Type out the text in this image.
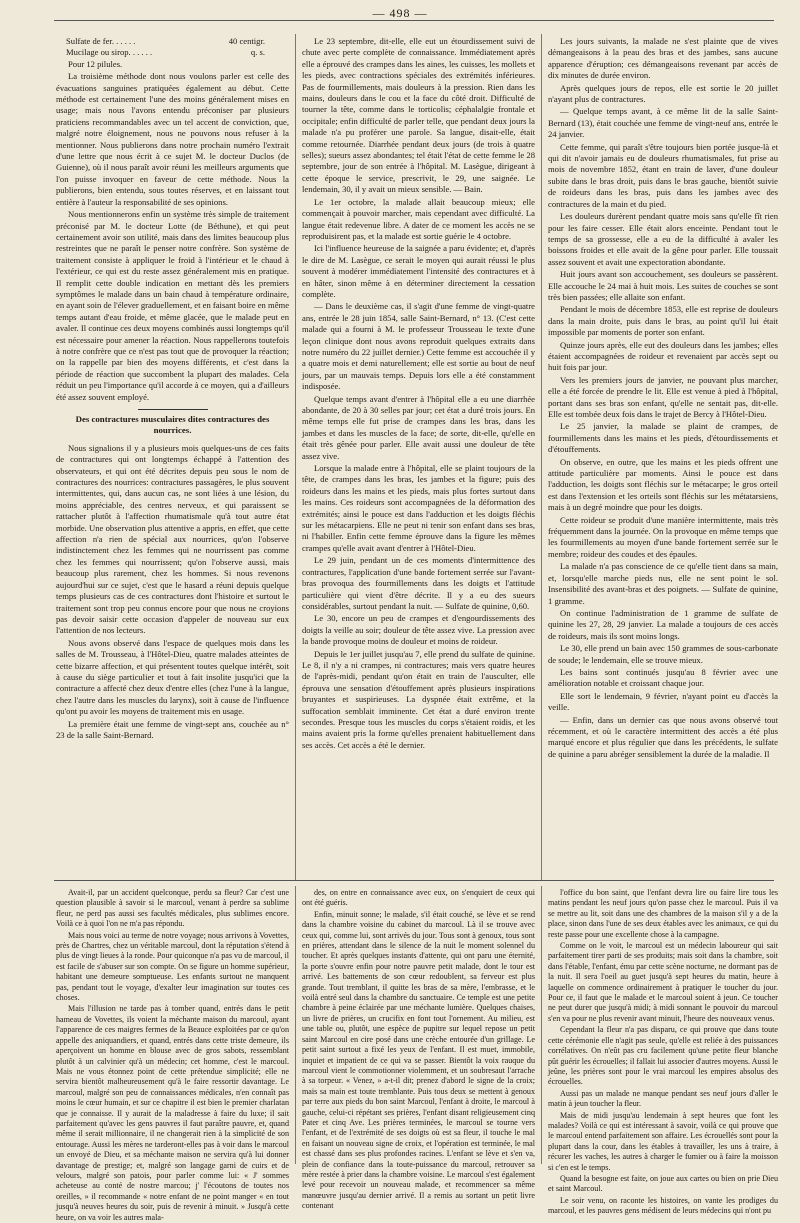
— 498 —
Sulfate de fer. . . . . .	40 centigr.
Mucilage ou sirop. . . . . .	q. s.

Pour 12 pilules.

La troisième méthode dont nous voulons parler est celle des évacuations sanguines pratiquées également au début. Cette méthode est certainement l'une des moins généralement mises en usage; mais nous l'avons entendu préconiser par plusieurs praticiens recommandables avec un tel accent de conviction, que, malgré notre éloignement, nous ne pouvons nous refuser à la mentionner. Nous publierons dans notre prochain numéro l'extrait d'une lettre que nous écrit à ce sujet M. le docteur Duclos (de Guienne), où il nous paraît avoir réuni les meilleurs arguments que l'on puisse invoquer en faveur de cette méthode. Nous la publierons, bien entendu, sous toutes réserves, et en laissant tout entière à l'auteur la responsabilité de ses opinions.

Nous mentionnerons enfin un système très simple de traitement préconisé par M. le docteur Lotte (de Béthune), et qui peut certainement avoir son utilité, mais dans des limites beaucoup plus restreintes que ne paraît le penser notre confrère. Son système de traitement consiste à appliquer le froid à l'intérieur et le chaud à l'extérieur, ce qui est du reste assez généralement mis en pratique. Il remplit cette double indication en mettant dès les premiers symptômes le malade dans un bain chaud à température ordinaire, en ayant soin de l'élever graduellement, et en faisant boire en même temps autant d'eau froide, et même glacée, que le malade peut en avaler. Il continue ces deux moyens combinés aussi longtemps qu'il est nécessaire pour amener la réaction. Nous rappellerons toutefois à notre confrère que ce n'est pas tout que de provoquer la réaction; on la rappelle par bien des moyens différents, et c'est dans la période de réaction que succombent la plupart des malades. Cela réduit un peu l'importance qu'il accorde à ce moyen, qui a d'ailleurs été assez souvent employé.

Des contractures musculaires dites contractures des nourrices.

Nous signalions il y a plusieurs mois quelques-uns de ces faits de contractures qui ont longtemps échappé à l'attention des observateurs, et qui ont été décrites depuis peu sous le nom de contractures des nourrices: contractures passagères, le plus souvent intermittentes, qui, dans aucun cas, ne sont liées à une lésion, du moins appréciable, des centres nerveux, et qui paraissent se rattacher plutôt à l'affection rhumatismale qu'à tout autre état morbide. Une observation plus attentive a appris, en effet, que cette affection n'a rien de spécial aux nourrices, qu'on l'observe indistinctement chez les femmes qui ne nourrissent pas comme chez les femmes qui nourrissent; qu'on l'observe aussi, mais beaucoup plus rarement, chez les hommes. Si nous revenons aujourd'hui sur ce sujet, c'est que le hasard a réuni depuis quelque temps plusieurs cas de ces contractures dont l'histoire et surtout le traitement sont trop peu connus encore pour que nous ne croyions pas devoir saisir cette occasion d'appeler de nouveau sur eux l'attention de nos lecteurs.

Nous avons observé dans l'espace de quelques mois dans les salles de M. Trousseau, à l'Hôtel-Dieu, quatre malades atteintes de cette bizarre affection, et qui présentent toutes quelque intérêt, soit à cause du siège particulier et tout à fait insolite jusqu'ici que la contracture a affecté chez deux d'entre elles (chez l'une à la langue, chez l'autre dans les muscles du larynx), soit à cause de l'influence qu'ont pu avoir les moyens de traitement mis en usage.

La première était une femme de vingt-sept ans, couchée au n° 23 de la salle Saint-Bernard.

Le 23 septembre, dit-elle, elle eut un étourdissement suivi de chute avec perte complète de connaissance. Immédiatement après elle a éprouvé des crampes dans les aines, les cuisses, les mollets et les pieds, avec contractions spéciales des extrémités inférieures. Pas de fourmillements, mais douleurs à la pression. Rien dans les mains, douleurs dans le cou et la face du côté droit. Difficulté de tourner la tête, comme dans le torticolis; céphalalgie frontale et occipitale; enfin difficulté de parler telle, que pendant deux jours la malade n'a pu proférer une parole. Sa langue, disait-elle, était comme retournée. Diarrhée pendant deux jours (de trois à quatre selles); sueurs assez abondantes; tel était l'état de cette femme le 28 septembre, jour de son entrée à l'hôpital. M. Lasègue, dirigeant à cette époque le service, prescrivit, le 29, une saignée. Le lendemain, 30, il y avait un mieux sensible. — Bain.

Le 1er octobre, la malade allait beaucoup mieux; elle commençait à pouvoir marcher, mais cependant avec difficulté. La langue était redevenue libre. A dater de ce moment les accès ne se reproduisirent pas, et la malade est sortie guérie le 4 octobre.

Ici l'influence heureuse de la saignée a paru évidente; et, d'après le dire de M. Lasègue, ce serait le moyen qui aurait réussi le plus souvent à modérer immédiatement l'intensité des contractures et à en hâter, sinon même à en déterminer directement la cessation complète.

— Dans le deuxième cas, il s'agit d'une femme de vingt-quatre ans, entrée le 28 juin 1854, salle Saint-Bernard, n° 13. (C'est cette malade qui a fourni à M. le professeur Trousseau le texte d'une leçon clinique dont nous avons reproduit quelques extraits dans notre numéro du 22 juillet dernier.) Cette femme est accouchée il y a quatre mois et demi naturellement; elle est sortie au bout de neuf jours, par un mauvais temps. Depuis lors elle a été constamment indisposée.

Quelque temps avant d'entrer à l'hôpital elle a eu une diarrhée abondante, de 20 à 30 selles par jour; cet état a duré trois jours. En même temps elle fut prise de crampes dans les bras, dans les jambes et dans les muscles de la face; de sorte, dit-elle, qu'elle en était très gênée pour parler. Elle avait aussi une douleur de tête assez vive.

Lorsque la malade entre à l'hôpital, elle se plaint toujours de la tête, de crampes dans les bras, les jambes et la figure; puis des roideurs dans les mains et les pieds, mais plus fortes surtout dans les mains. Ces roideurs sont accompagnées de la déformation des extrémités; ainsi le pouce est dans l'adduction et les doigts fléchis sur les métacarpiens. Elle ne peut ni tenir son enfant dans ses bras, ni l'habiller. Enfin cette femme éprouve dans la figure les mêmes crampes qu'elle avait avant d'entrer à l'Hôtel-Dieu.

Le 29 juin, pendant un de ces moments d'intermittence des contractures, l'application d'une bande fortement serrée sur l'avant-bras provoqua des fourmillements dans les doigts et l'attitude particulière qui vient d'être décrite. Il y a eu des sueurs considérables, surtout pendant la nuit. — Sulfate de quinine, 0,60.

Le 30, encore un peu de crampes et d'engourdissements des doigts la veille au soir; douleur de tête assez vive. La pression avec la bande provoque moins de douleur et moins de roideur.

Depuis le 1er juillet jusqu'au 7, elle prend du sulfate de quinine. Le 8, il n'y a ni crampes, ni contractures; mais vers quatre heures de l'après-midi, pendant qu'on était en train de l'ausculter, elle éprouva une sensation d'étouffement après plusieurs inspirations bruyantes et suspirieuses. La dyspnée était extrême, et la suffocation semblait imminente. Cet état a duré environ trente secondes. Presque tous les muscles du corps s'étaient roidis, et les mains avaient pris la forme qu'elles prenaient habituellement dans ses accès. Cet accès a été le dernier.

Les jours suivants, la malade ne s'est plainte que de vives démangeaisons à la peau des bras et des jambes, sans aucune apparence d'éruption; ces démangeaisons revenant par accès de dix minutes de durée environ.

Après quelques jours de repos, elle est sortie le 20 juillet n'ayant plus de contractures.

— Quelque temps avant, à ce même lit de la salle Saint-Bernard (13), était couchée une femme de vingt-neuf ans, entrée le 24 janvier.

Cette femme, qui paraît s'être toujours bien portée jusque-là et qui dit n'avoir jamais eu de douleurs rhumatismales, fut prise au mois de novembre 1852, étant en train de laver, d'une douleur subite dans le bras droit, puis dans le bras gauche, bientôt suivie de roideurs dans les bras, puis dans les jambes avec des contractures de la main et du pied.

Les douleurs durèrent pendant quatre mois sans qu'elle fît rien pour les faire cesser. Elle était alors enceinte. Pendant tout le temps de sa grossesse, elle a eu de la difficulté à avaler les boissons froides et elle avait de la gêne pour parler. Elle toussait assez souvent et avait une expectoration abondante.

Huit jours avant son accouchement, ses douleurs se passèrent. Elle accouche le 24 mai à huit mois. Les suites de couches se sont très bien passées; elle allaite son enfant.

Pendant le mois de décembre 1853, elle est reprise de douleurs dans la main droite, puis dans le bras, au point qu'il lui était impossible par moments de porter son enfant.

Quinze jours après, elle eut des douleurs dans les jambes; elles étaient accompagnées de roideur et revenaient par accès sept ou huit fois par jour.

Vers les premiers jours de janvier, ne pouvant plus marcher, elle a été forcée de prendre le lit. Elle est venue à pied à l'hôpital, portant dans ses bras son enfant, qu'elle ne sentait pas, dit-elle. Elle est tombée deux fois dans le trajet de Bercy à l'Hôtel-Dieu.

Le 25 janvier, la malade se plaint de crampes, de fourmillements dans les mains et les pieds, d'étourdissements et d'étouffements.

On observe, en outre, que les mains et les pieds offrent une attitude particulière par moments. Ainsi le pouce est dans l'adduction, les doigts sont fléchis sur le métacarpe; le gros orteil est dans l'extension et les orteils sont fléchis sur les métatarsiens, mais à un degré moindre que pour les doigts.

Cette roideur se produit d'une manière intermittente, mais très fréquemment dans la journée. On la provoque en même temps que les fourmillements au moyen d'une bande fortement serrée sur le membre; roideur des coudes et des épaules.

La malade n'a pas conscience de ce qu'elle tient dans sa main, et, lorsqu'elle marche pieds nus, elle ne sent point le sol. Insensibilité des avant-bras et des poignets. — Sulfate de quinine, 1 gramme.

On continue l'administration de 1 gramme de sulfate de quinine les 27, 28, 29 janvier. La malade a toujours de ces accès de roideurs, mais ils sont moins longs.

Le 30, elle prend un bain avec 150 grammes de sous-carbonate de soude; le lendemain, elle se trouve mieux.

Les bains sont continués jusqu'au 8 février avec une amélioration notable et croissant chaque jour.

Elle sort le lendemain, 9 février, n'ayant point eu d'accès la veille.

— Enfin, dans un dernier cas que nous avons observé tout récemment, et où le caractère intermittent des accès a été plus marqué encore et plus régulier que dans les précédents, le sulfate de quinine a paru abréger sensiblement la durée de la maladie. Il

Avait-il, par un accident quelconque, perdu sa fleur? Car c'est une question plausible à savoir si le marcoul, venant à perdre sa sublime fleur, ne perd pas aussi ses facultés médicales, plus sublimes encore. Voilà ce à quoi l'on ne m'a pas répondu.

Mais nous voici au terme de notre voyage; nous arrivons à Vovettes, près de Chartres, chez un véritable marcoul, dont la réputation s'étend à plus de vingt lieues à la ronde. Pour quiconque n'a pas vu de marcoul, il est facile de s'abuser sur son compte. On se figure un homme supérieur, habitant une demeure somptueuse. Les enfants surtout ne manquent pas, pendant tout le voyage, d'exalter leur imagination sur toutes ces choses.

Mais l'illusion ne tarde pas à tomber quand, entrés dans le petit hameau de Vovettes, ils voient la méchante maison du marcoul, ayant l'apparence de ces maigres fermes de la Beauce exploitées par ce qu'on appelle des aniquandiers, et quand, entrés dans cette triste demeure, ils aperçoivent un homme en blouse avec de gros sabots, ressemblant plutôt à un calvinier qu'à un médecin; cet homme, c'est le marcoul. Mais ne vous étonnez point de cette prétendue simplicité; elle ne servira bientôt malheureusement qu'à le faire ressortir davantage. Le marcoul, malgré son peu de connaissances médicales, n'en connaît pas moins le cœur humain, et sur ce chapitre il est bien le premier charlatan que je connaisse. Il y aurait de la maladresse à faire du luxe; il sait parfaitement qu'avec les gens pauvres il faut paraître pauvre, et, quand même il serait millionnaire, il ne changerait rien à la simplicité de son entourage. Aussi les mères ne tarderont-elles pas à voir dans le marcoul un envoyé de Dieu, et sa méchante maison ne servira qu'à lui donner davantage de prestige; et, malgré son langage garni de cuirs et de velours, malgré son patois, pour parler comme lui: « J' sommes acheteuse au conté de nostre marcou; j' l'écoutons de toutes nos oreilles, » il recommande « notre enfant de ne point manger « en tout jusqu'à neuves heures du soir, puis de revenir à minuit. » Jusqu'à cette heure, on va voir les autres mala-

des, on entre en connaissance avec eux, on s'enquiert de ceux qui ont été guéris.

Enfin, minuit sonne; le malade, s'il était couché, se lève et se rend dans la chambre voisine du cabinet du marcoul. Là il se trouve avec ceux qui, comme lui, sont arrivés du jour. Tous sont à genoux, tous sont en prières, attendant dans le silence de la nuit le moment solennel du toucher. Et après quelques instants d'attente, qui ont paru une éternité, la porte s'ouvre enfin pour notre pauvre petit malade, dont le tour est arrivé. Les battements de son cœur redoublent, sa ferveur est plus grande. Tout tremblant, il quitte les bras de sa mère, l'embrasse, et le voilà entré seul dans la chambre du sanctuaire. Ce temple est une petite chambre à peine éclairée par une méchante lumière. Quelques chaises, un livre de prières, un crucifix en font tout l'ornement. Au milieu, est une table ou, plutôt, une espèce de pupitre sur lequel repose un petit saint Marcoul en cire posé dans une crèche entourée d'un grillage. Le petit saint surtout a fixé les yeux de l'enfant. Il est muet, immobile, inquiet et impatient de ce qui va se passer. Bientôt la voix rauque du marcoul vient le commotionner violemment, et un soubresaut l'arrache à sa torpeur. « Venez, » a-t-il dit; prenez d'abord le signe de la croix; mais sa main est toute tremblante. Puis tous deux se mettent à genoux par terre aux pieds du bon saint Marcoul, l'enfant à droite, le marcoul à gauche, celui-ci répétant ses prières, l'enfant disant religieusement cinq Pater et cinq Ave. Les prières terminées, le marcoul se tourne vers l'enfant, et de l'extrémité de ses doigts où est sa fleur, il touche le mal en faisant un nouveau signe de croix, et l'opération est terminée, le mal est chassé dans ses plus profondes racines. L'enfant se lève et s'en va, plein de confiance dans la toute-puissance du marcoul, retrouver sa mère restée à prier dans la chambre voisine. Le marcoul s'est également levé pour recevoir un nouveau malade, et recommencer sa même manœuvre jusqu'au dernier arrivé. Il a remis au sortant un petit livre contenant

l'office du bon saint, que l'enfant devra lire ou faire lire tous les matins pendant les neuf jours qu'on passe chez le marcoul. Puis il va se mettre au lit, soit dans une des chambres de la maison s'il y a de la place, sinon dans l'une de ses deux étables avec les animaux, ce qui du reste passe pour une excellente chose à la campagne.

Comme on le voit, le marcoul est un médecin laboureur qui sait parfaitement tirer parti de ses produits; mais soit dans la chambre, soit dans l'étable, l'enfant, ému par cette scène nocturne, ne dormant pas de la nuit. Il sera l'oeil au guet jusqu'à sept heures du matin, heure à laquelle on commence ordinairement à pratiquer le toucher du jour. Pour ce, il faut que le malade et le marcoul soient à jeun. Ce toucher ne peut durer que jusqu'à midi; à midi sonnant le pouvoir du marcoul s'en va pour ne plus revenir avant minuit, l'heure des nouveaux venus.

Cependant la fleur n'a pas disparu, ce qui prouve que dans toute cette cérémonie elle n'agit pas seule, qu'elle est reliée à des puissances corrélatives. On n'eût pas cru facilement qu'une petite fleur blanche pût guérir les écrouelles; il fallait lui associer d'autres moyens. Aussi le jeûne, les prières sont pour le vrai marcoul les empires absolus des écrouelles.

Aussi pas un malade ne manque pendant ses neuf jours d'aller le matin à jeun toucher la fleur.

Mais de midi jusqu'au lendemain à sept heures que font les malades? Voilà ce qui est intéressant à savoir, voilà ce qui prouve que le marcoul entend parfaitement son affaire. Les écrouellés sont pour la plupart dans la cour, dans les étables à travailler, les uns à traire, à récurer les vaches, les autres à charger le fumier ou à faire la moisson si c'en est le temps.

Quand la besogne est faite, on joue aux cartes ou bien on prie Dieu et saint Marcoul.

Le soir venu, on raconte les histoires, on vante les prodiges du marcoul, et les pauvres gens médisent de leurs médecins qui n'ont pu
